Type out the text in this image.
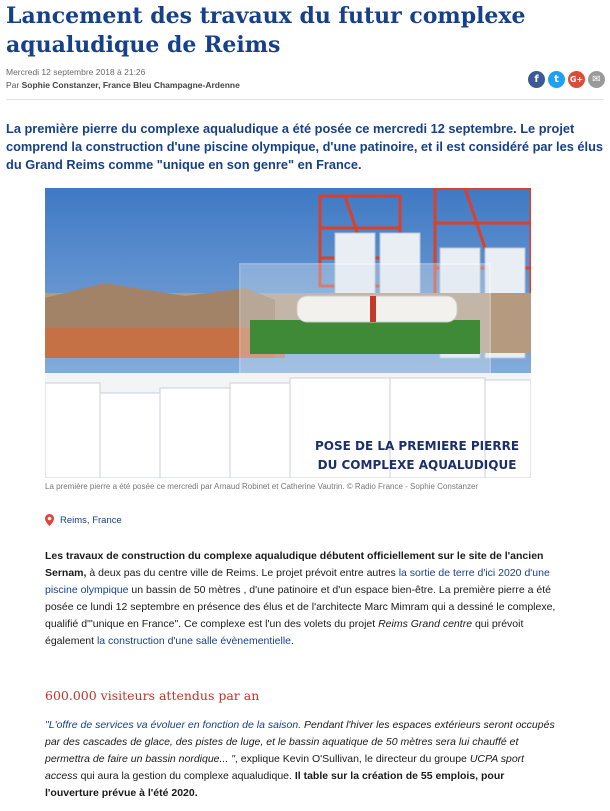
Lancement des travaux du futur complexe aqualudique de Reims
Mercredi 12 septembre 2018 à 21:26
Par Sophie Constanzer, France Bleu Champagne-Ardenne	f	t	G+ ✉

La première pierre du complexe aqualudique a été posée ce mercredi 12 septembre. Le projet comprend la construction d'une piscine olympique, d'une patinoire, et il est considéré par les élus du Grand Reims comme "unique en son genre" en France.

POSE DE LA PREMIERE PIERRE
DU COMPLEXE AQUALUDIQUE
La première pierre a été posée ce mercredi par Arnaud Robinet et Catherine Vautrin. © Radio France - Sophie Constanzer
Reims, France

Les travaux de construction du complexe aqualudique débutent officiellement sur le site de l'ancien Sernam, à deux pas du centre ville de Reims. Le projet prévoit entre autres la sortie de terre d'ici 2020 d'une piscine olympique un bassin de 50 mètres , d'une patinoire et d'un espace bien-être. La première pierre a été posée ce lundi 12 septembre en présence des élus et de l'architecte Marc Mimram qui a dessiné le complexe, qualifié d'"unique en France". Ce complexe est l'un des volets du projet Reims Grand centre qui prévoit également la construction d'une salle évènementielle.

600.000 visiteurs attendus par an

"L'offre de services va évoluer en fonction de la saison. Pendant l'hiver les espaces extérieurs seront occupés par des cascades de glace, des pistes de luge, et le bassin aquatique de 50 mètres sera lui chauffé et permettra de faire un bassin nordique... ", explique Kevin O'Sullivan, le directeur du groupe UCPA sport access qui aura la gestion du complexe aqualudique. Il table sur la création de 55 emplois, pour l'ouverture prévue à l'été 2020.
